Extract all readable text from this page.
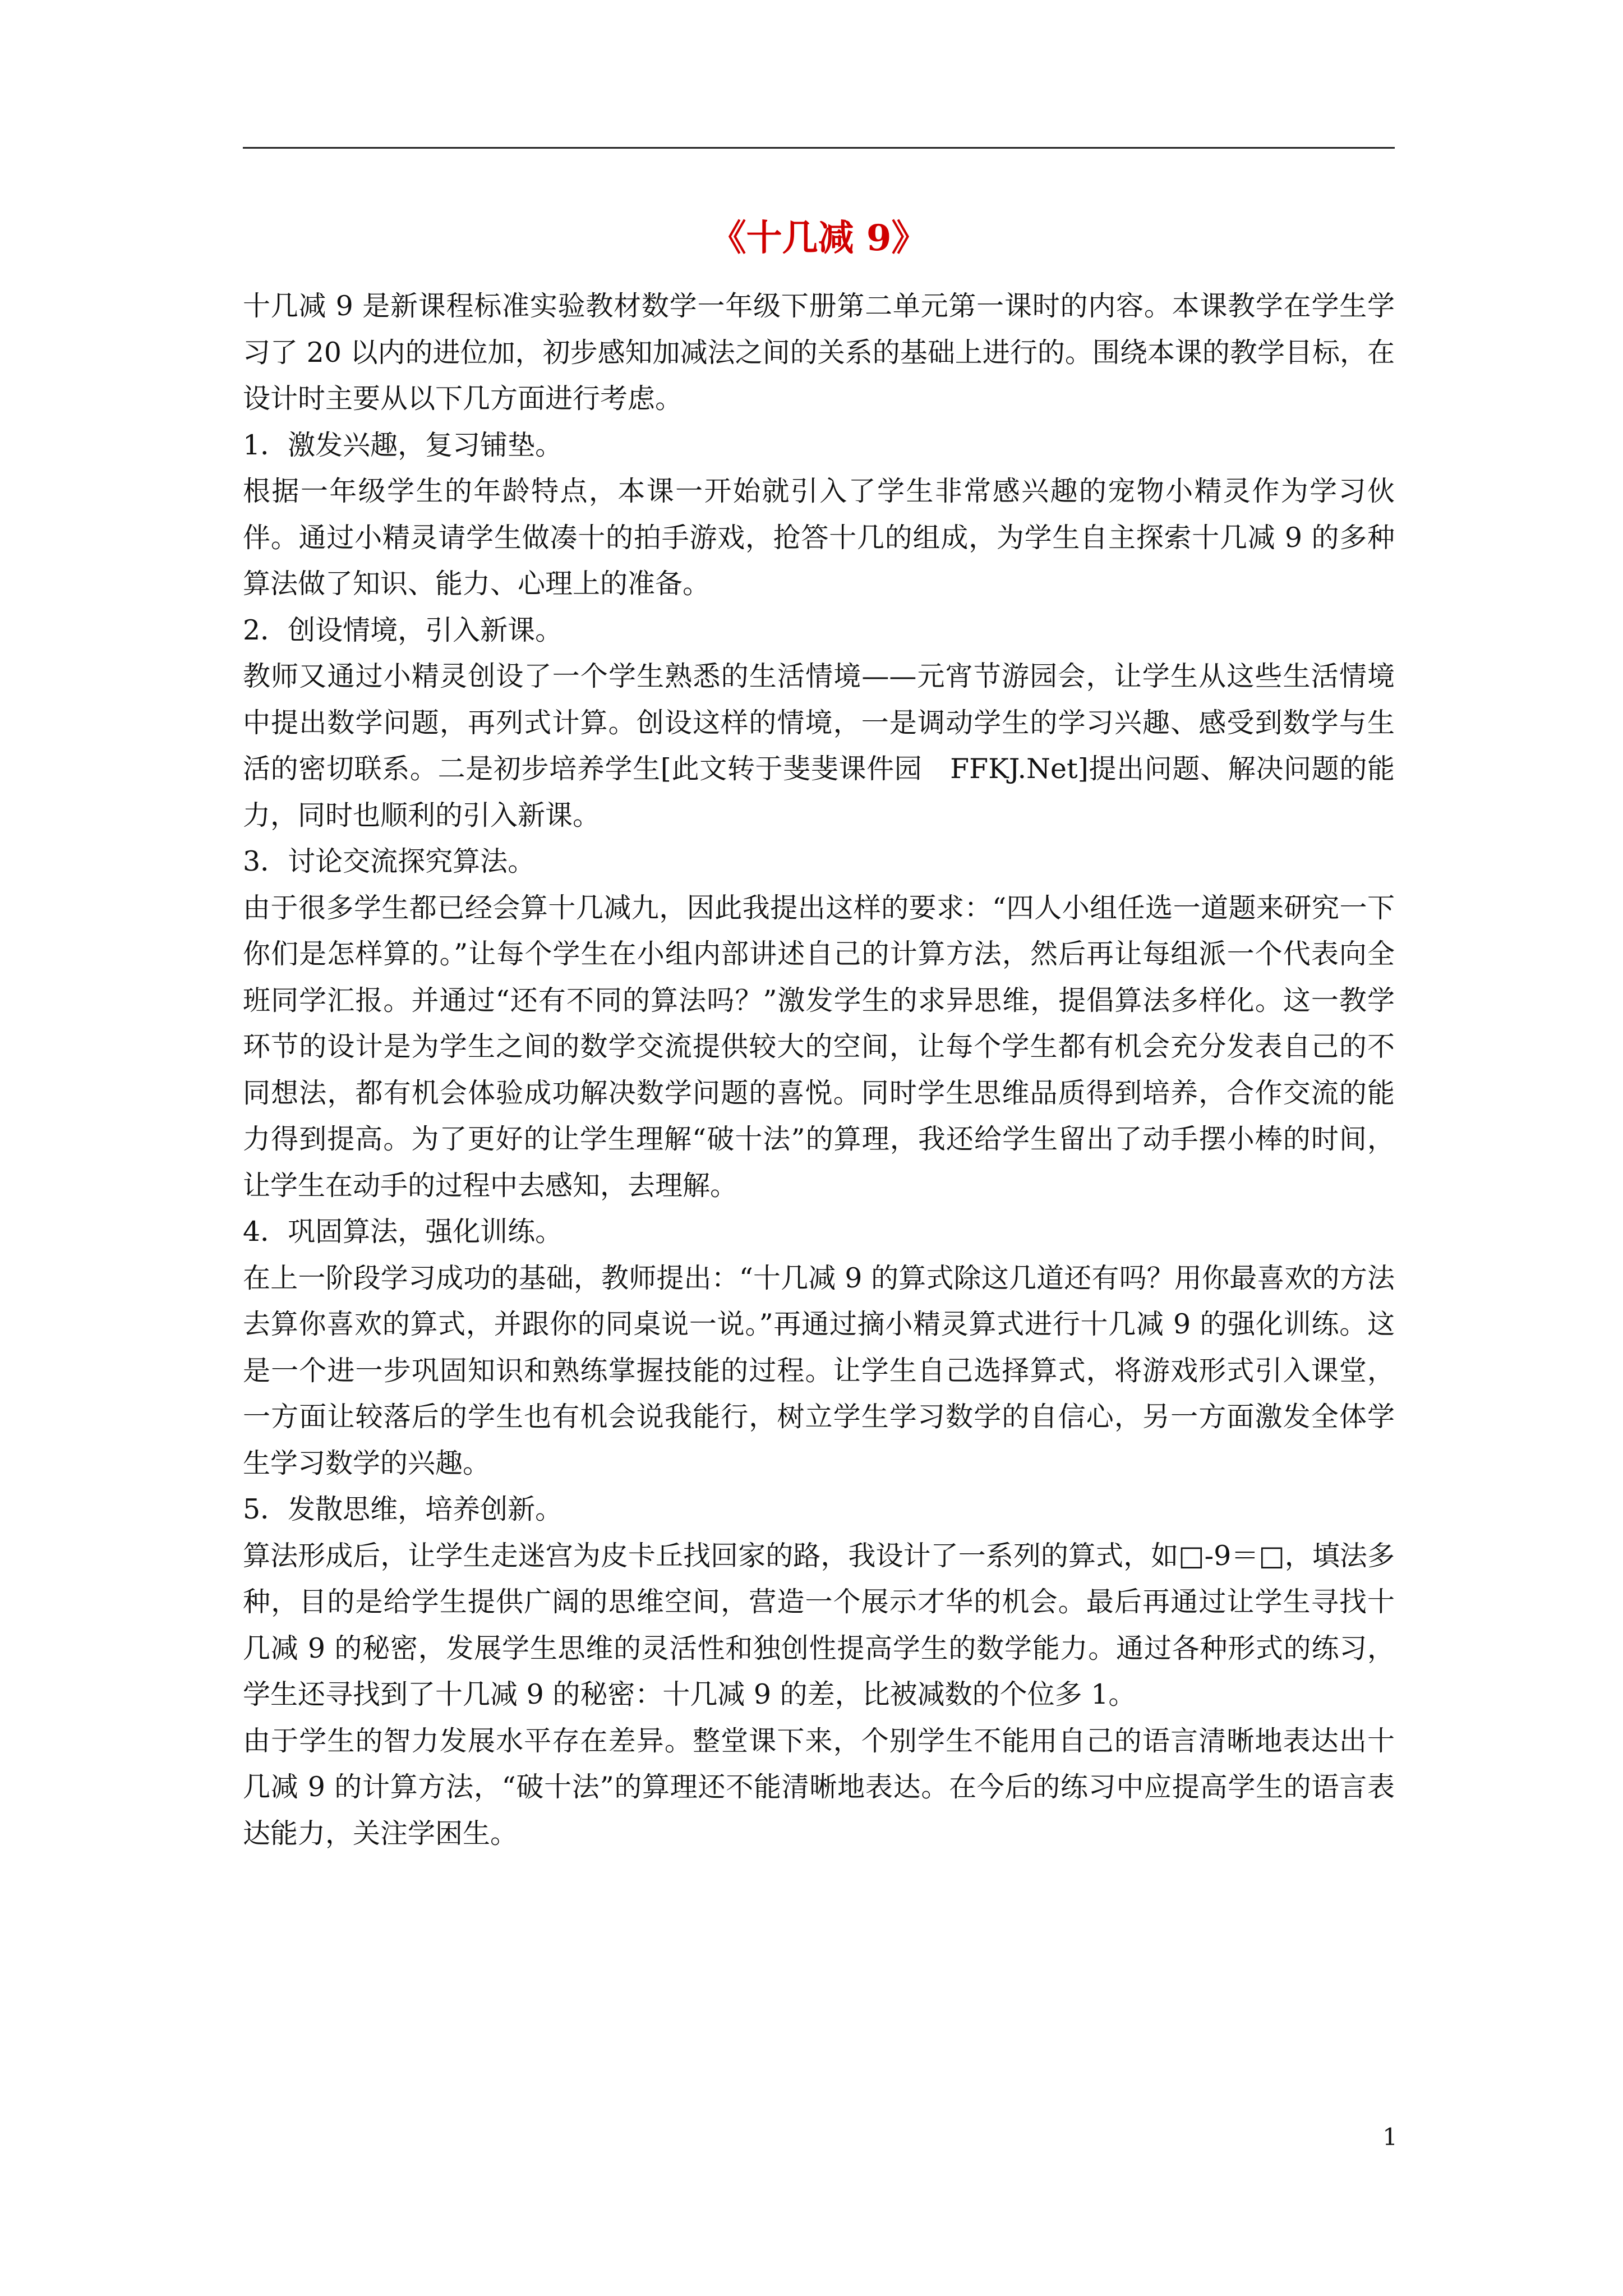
《十几减 9》

十几减 9 是新课程标准实验教材数学一年级下册第二单元第一课时的内容。本课教学在学生学习了 20 以内的进位加，初步感知加减法之间的关系的基础上进行的。围绕本课的教学目标，在设计时主要从以下几方面进行考虑。

1．激发兴趣，复习铺垫。

根据一年级学生的年龄特点，本课一开始就引入了学生非常感兴趣的宠物小精灵作为学习伙伴。通过小精灵请学生做凑十的拍手游戏，抢答十几的组成，为学生自主探索十几减 9 的多种算法做了知识、能力、心理上的准备。

2．创设情境，引入新课。

教师又通过小精灵创设了一个学生熟悉的生活情境——元宵节游园会，让学生从这些生活情境中提出数学问题，再列式计算。创设这样的情境，一是调动学生的学习兴趣、感受到数学与生活的密切联系。二是初步培养学生[此文转于斐斐课件园　FFKJ.Net]提出问题、解决问题的能力，同时也顺利的引入新课。

3．讨论交流探究算法。

由于很多学生都已经会算十几减九，因此我提出这样的要求：“四人小组任选一道题来研究一下你们是怎样算的。”让每个学生在小组内部讲述自己的计算方法，然后再让每组派一个代表向全班同学汇报。并通过“还有不同的算法吗？”激发学生的求异思维，提倡算法多样化。这一教学环节的设计是为学生之间的数学交流提供较大的空间，让每个学生都有机会充分发表自己的不同想法，都有机会体验成功解决数学问题的喜悦。同时学生思维品质得到培养，合作交流的能力得到提高。为了更好的让学生理解“破十法”的算理，我还给学生留出了动手摆小棒的时间，让学生在动手的过程中去感知，去理解。

4．巩固算法，强化训练。

在上一阶段学习成功的基础，教师提出：“十几减 9 的算式除这几道还有吗？用你最喜欢的方法去算你喜欢的算式，并跟你的同桌说一说。”再通过摘小精灵算式进行十几减 9 的强化训练。这是一个进一步巩固知识和熟练掌握技能的过程。让学生自己选择算式，将游戏形式引入课堂，一方面让较落后的学生也有机会说我能行，树立学生学习数学的自信心，另一方面激发全体学生学习数学的兴趣。

5．发散思维，培养创新。

算法形成后，让学生走迷宫为皮卡丘找回家的路，我设计了一系列的算式，如□-9＝□，填法多种，目的是给学生提供广阔的思维空间，营造一个展示才华的机会。最后再通过让学生寻找十几减 9 的秘密，发展学生思维的灵活性和独创性提高学生的数学能力。通过各种形式的练习，学生还寻找到了十几减 9 的秘密：十几减 9 的差，比被减数的个位多 1。

由于学生的智力发展水平存在差异。整堂课下来，个别学生不能用自己的语言清晰地表达出十几减 9 的计算方法，“破十法”的算理还不能清晰地表达。在今后的练习中应提高学生的语言表达能力，关注学困生。

1
